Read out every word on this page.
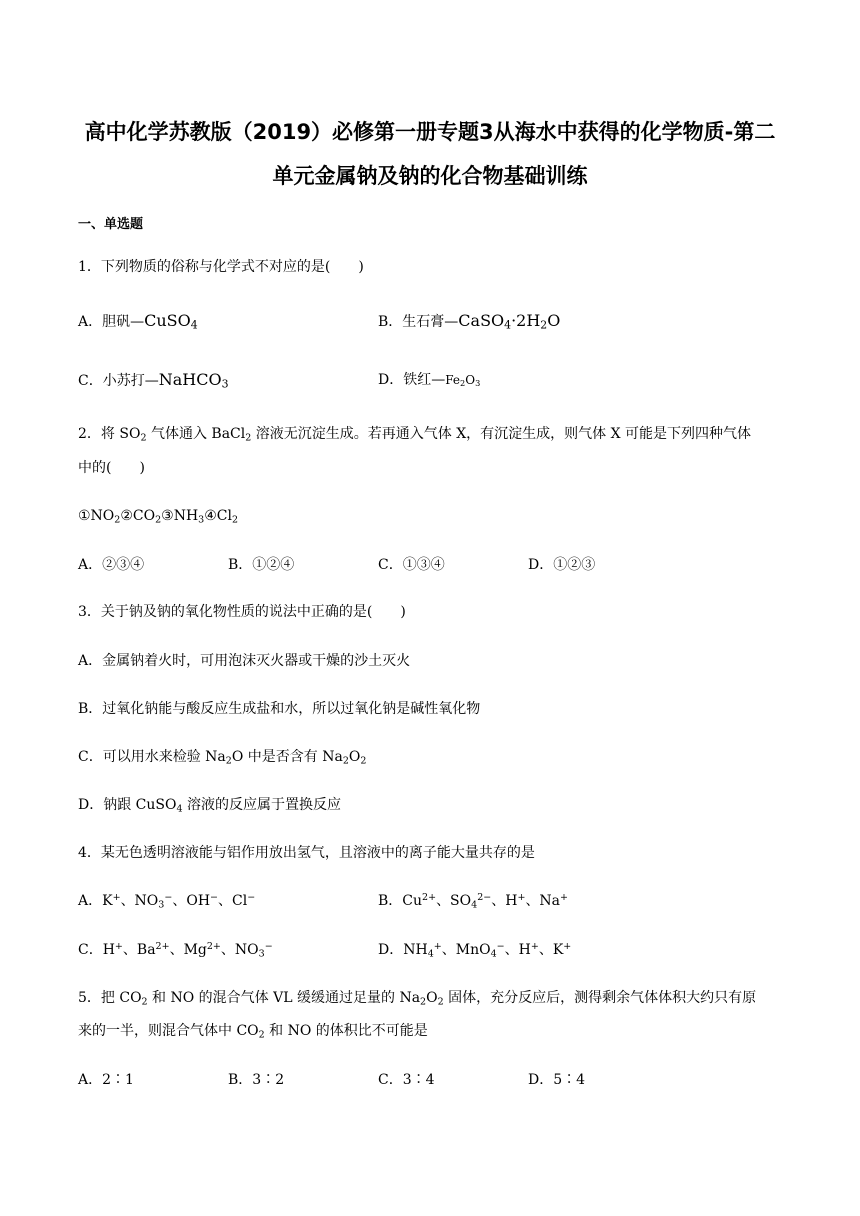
高中化学苏教版（2019）必修第一册专题3从海水中获得的化学物质-第二
单元金属钠及钠的化合物基础训练
一、单选题

1．下列物质的俗称与化学式不对应的是(　　)

A．胆矾—CuSO$_4$	B．生石膏$—CaSO_4\cdot 2H_2O$
C．小苏打—NaHCO$_3$	D．铁红$—Fe_2O_3$

2．将 $SO_2$ 气体通入 BaCl$_2$ 溶液无沉淀生成。若再通入气体 X，有沉淀生成，则气体 X 可能是下列四种气体

中的(　　)

$①NO_2②CO_2③NH_3④Cl_2$

A．②③④	B．①②④	C．①③④	D．①②③

3．关于钠及钠的氧化物性质的说法中正确的是(　　)

A．金属钠着火时，可用泡沫灭火器或干燥的沙土灭火

B．过氧化钠能与酸反应生成盐和水，所以过氧化钠是碱性氧化物

C．可以用水来检验 $Na_2O$ 中是否含有 $Na_2O_2$

D．钠跟 CuSO$_4$ 溶液的反应属于置换反应

4．某无色透明溶液能与铝作用放出氢气，且溶液中的离子能大量共存的是

A．K+、$NO_3^-$、OH−、Cl−	B．$Cu^{2+}$、$SO_4^{2-}$、H+、Na+
C．H+、$Ba^{2+}$、$Mg^{2+}$、$NO_3^-$	D．$NH_4^+$、MnO$_4$−、H+、K+

5．把 $CO_2$ 和 NO 的混合气体 VL 缓缓通过足量的 $Na_2O_2$ 固体，充分反应后，测得剩余气体体积大约只有原

来的一半，则混合气体中 $CO_2$ 和 NO 的体积比不可能是

A．2∶1	B．3∶2	C．3∶4	D．5∶4
